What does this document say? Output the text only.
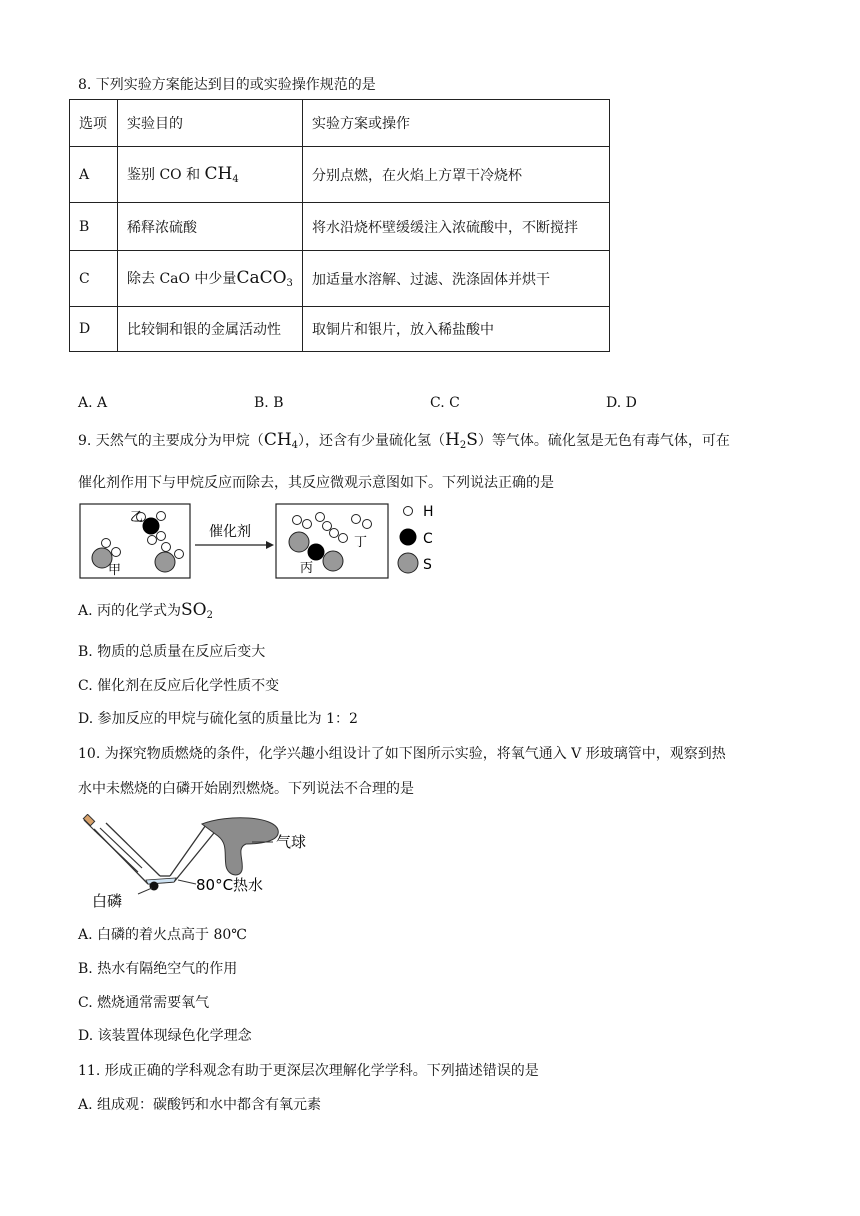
8. 下列实验方案能达到目的或实验操作规范的是
选项	实验目的	实验方案或操作
A	鉴别 CO 和 $CH_4$	分别点燃，在火焰上方罩干冷烧杯
B	稀释浓硫酸	将水沿烧杯壁缓缓注入浓硫酸中，不断搅拌
C	除去 CaO 中少量CaCO$_3$	加适量水溶解、过滤、洗涤固体并烘干
D	比较铜和银的金属活动性	取铜片和银片，放入稀盐酸中
A. A	B. B	C. C	D. D
9. 天然气的主要成分为甲烷$(CH_4)$，还含有少量硫化氢$(H_2S)$等气体。硫化氢是无色有毒气体，可在
催化剂作用下与甲烷反应而除去，其反应微观示意图如下。下列说法正确的是
乙
甲
催化剂
丙
丁
H
C
S
A. 丙的化学式为$SO_2$
B. 物质的总质量在反应后变大
C. 催化剂在反应后化学性质不变
D. 参加反应的甲烷与硫化氢的质量比为 1：2
10. 为探究物质燃烧的条件，化学兴趣小组设计了如下图所示实验，将氧气通入 V 形玻璃管中，观察到热
水中未燃烧的白磷开始剧烈燃烧。下列说法不合理的是
气球
80°C热水
白磷
A. 白磷的着火点高于 80℃
B. 热水有隔绝空气的作用
C. 燃烧通常需要氧气
D. 该装置体现绿色化学理念
11. 形成正确的学科观念有助于更深层次理解化学学科。下列描述错误的是
A. 组成观：碳酸钙和水中都含有氧元素
